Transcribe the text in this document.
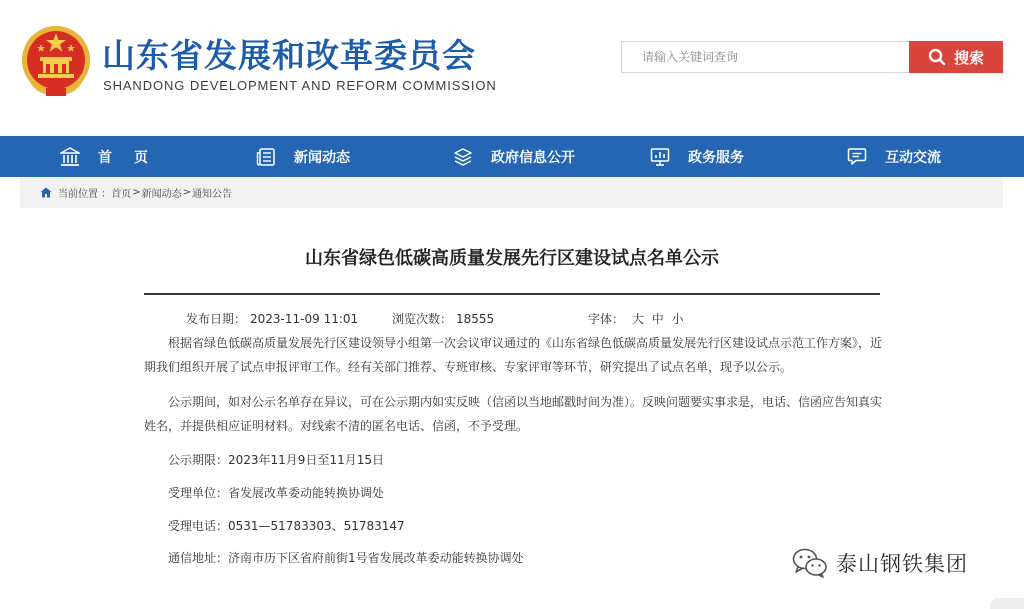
山东省发展和改革委员会
SHANDONG DEVELOPMENT AND REFORM COMMISSION
请输入关键词查询
搜索
首页	新闻动态	政府信息公开	政务服务	互动交流
当前位置 ： 首页 > 新闻动态 > 通知公告
山东省绿色低碳高质量发展先行区建设试点名单公示
发布日期： 2023-11-09 11:01	浏览次数： 18555	字体： 大 中 小

根据省绿色低碳高质量发展先行区建设领导小组第一次会议审议通过的《山东省绿色低碳高质量发展先行区建设试点示范工作方案》，近期我们组织开展了试点申报评审工作。经有关部门推荐、专班审核、专家评审等环节，研究提出了试点名单，现予以公示。

公示期间，如对公示名单存在异议，可在公示期内如实反映（信函以当地邮戳时间为准）。反映问题要实事求是，电话、信函应告知真实姓名，并提供相应证明材料。对线索不清的匿名电话、信函，不予受理。

公示期限：2023年11月9日至11月15日
受理单位：省发展改革委动能转换协调处
受理电话：0531—51783303、51783147
通信地址：济南市历下区省府前街1号省发展改革委动能转换协调处	泰山钢铁集团
